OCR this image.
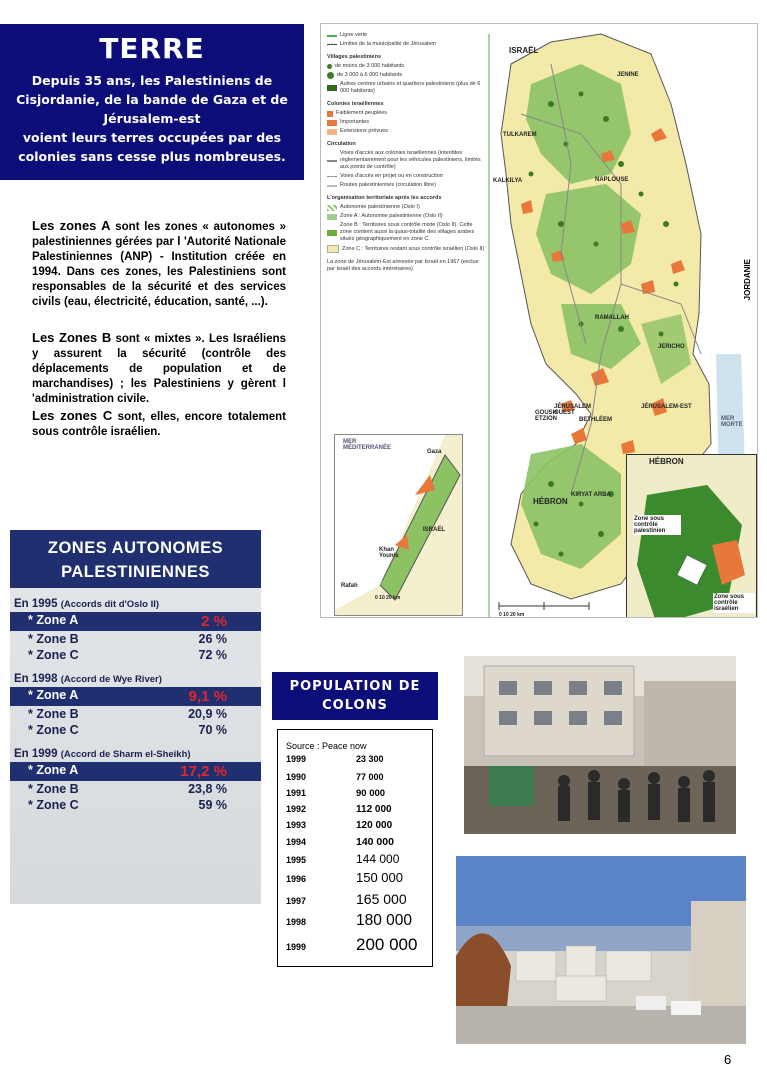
TERRE
Depuis 35 ans, les Palestiniens de
Cisjordanie, de la bande de Gaza et de
Jérusalem-est
voient leurs terres occupées par des
colonies sans cesse plus nombreuses.
Les zones A sont les zones « autonomes » palestiniennes gérées par l 'Autorité Nationale Palestiniennes (ANP) - Institution créée en 1994. Dans ces zones, les Palestiniens sont responsables de la sécurité et des services civils (eau, électricité, éducation, santé, ...).
Les Zones B sont « mixtes ». Les Israéliens y assurent la sécurité (contrôle des déplacements de population et de marchandises) ; les Palestiniens y gèrent l 'administration civile.
Les zones C sont, elles, encore totalement sous contrôle israélien.
Ligne verte
Limites de la municipalité de Jérusalem
Villages palestiniens
de moins de 3 000 habitants
de 3 000 à 6 000 habitants
Autres centres urbains et quartiers palestiniens (plus de 6 000 habitants)
Colonies israéliennes
Faiblement peuplées
Importantes
Extensions prévues
Circulation
Voies d'accès aux colonies israéliennes (interdites réglementairement pour les véhicules palestiniens, limités aux points de contrôle)
Voies d'accès en projet ou en construction
Routes palestiniennes (circulation libre)
L'organisation territoriale après les accords
Autonomie palestinienne (Oslo I)
Zone A : Autonomie palestinienne (Oslo II)
Zone B : Territoires sous contrôle mixte (Oslo II). Cette zone contient aussi la quasi-totalité des villages arabes situés géographiquement en zone C.
Zone C : Territoires restant sous contrôle israélien (Oslo II)
La zone de Jérusalem-Est annexée par Israël en 1967 (exclue par Israël des accords intérimaires)
ISRAËL
JORDANIE
JENINE
TULKAREM
KALKILYA	NAPLOUSE
RAMALLAH
JERICHO
JÉRUSALEM OUEST
JÉRUSALEM-EST
BETHLÉEM
GOUSH ETZION
KIRYAT ARBA
HÉBRON
MER MORTE
0 10 20 km
Gaza
MER MÉDITERRANÉE
ISRAËL
Khan Younis
Rafah
0 10 20 km
HÉBRON
Zone sous contrôle palestinien
Zone sous contrôle israélien
ZONES AUTONOMES
PALESTINIENNES
En 1995 (Accords dit d'Oslo II)
* Zone A	2 %
* Zone B	26 %
* Zone C	72 %
En 1998 (Accord de Wye River)
* Zone A	9,1 %
* Zone B	20,9 %
* Zone C	70 %
En 1999 (Accord de Sharm el-Sheikh)
* Zone A	17,2 %
* Zone B	23,8 %
* Zone C	59 %
POPULATION DE
COLONS
Source : Peace now
1999	23 300
1990	77 000
1991	90 000
1992	112 000
1993	120 000
1994	140 000
1995	144 000
1996	150 000
1997	165 000
1998	180 000
1999	200 000
6
